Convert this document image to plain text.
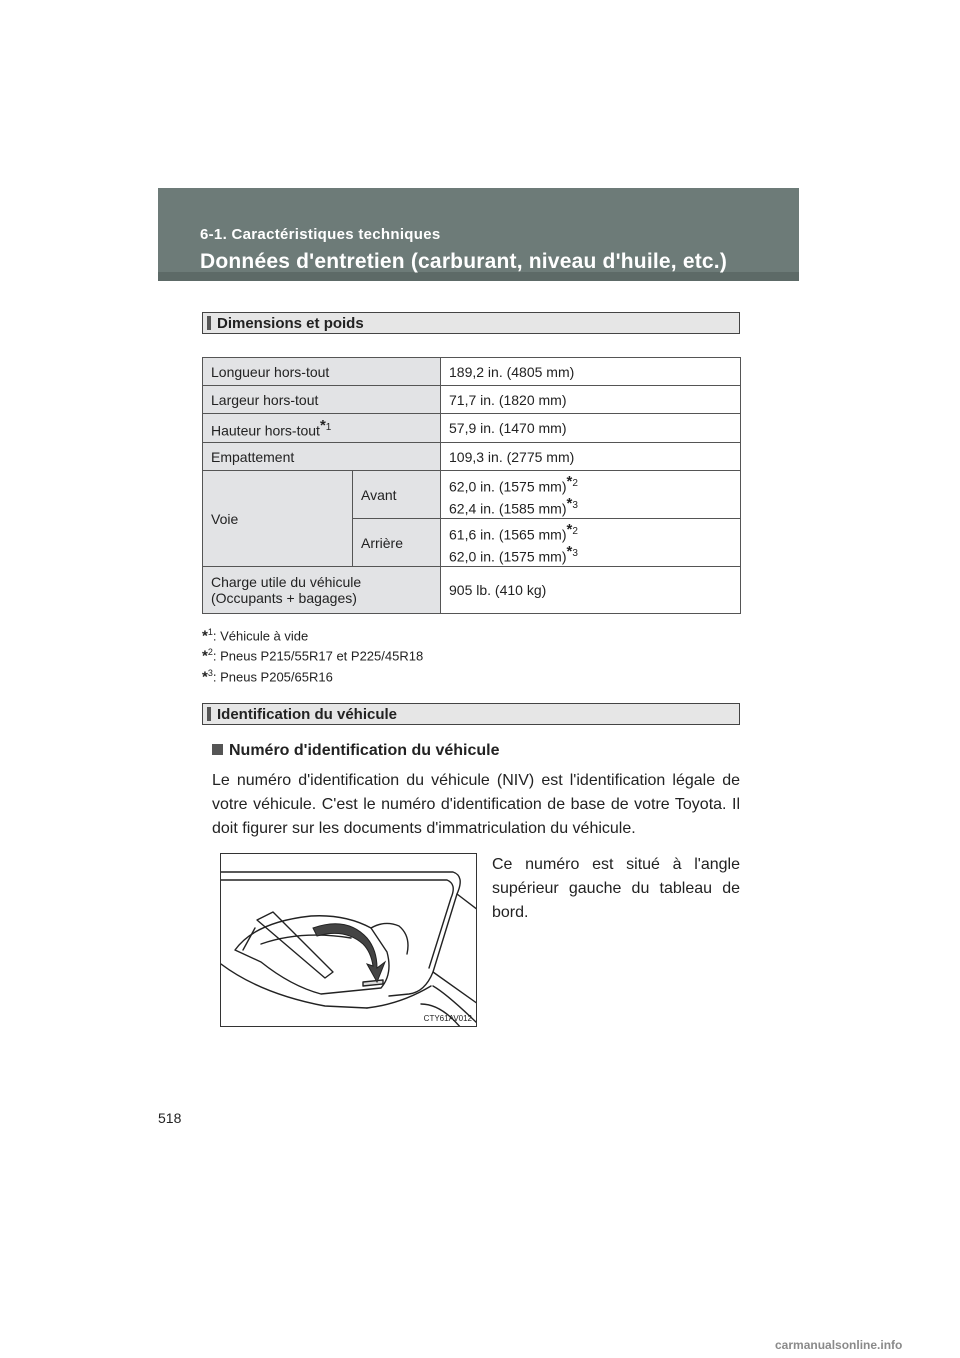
6-1. Caractéristiques techniques
Données d'entretien (carburant, niveau d'huile, etc.)
Dimensions et poids
Longueur hors-tout		189,2 in. (4805 mm)
Largeur hors-tout		71,7 in. (1820 mm)
Hauteur hors-tout$^{*1}$		57,9 in. (1470 mm)
Empattement		109,3 in. (2775 mm)
Voie	Avant	62,0 in. (1575 mm)$^{*2}$
62,4 in. (1585 mm)$^{*3}$

	Arrière	61,6 in. (1565 mm)$^{*2}$
62,0 in. (1575 mm)$^{*3}$

Charge utile du véhicule
(Occupants + bagages)		905 lb. (410 kg)
*$^1$: Véhicule à vide
*$^2$: Pneus P215/55R17 et P225/45R18
*$^3$: Pneus P205/65R16
Identification du véhicule
Numéro d'identification du véhicule
Le numéro d'identification du véhicule (NIV) est l'identification légale de votre véhicule. C'est le numéro d'identification de base de votre Toyota. Il doit figurer sur les documents d'immatriculation du véhicule.
CTY61AV012
Ce numéro est situé à l'angle supérieur gauche du tableau de bord.
518
carmanualsonline.info
